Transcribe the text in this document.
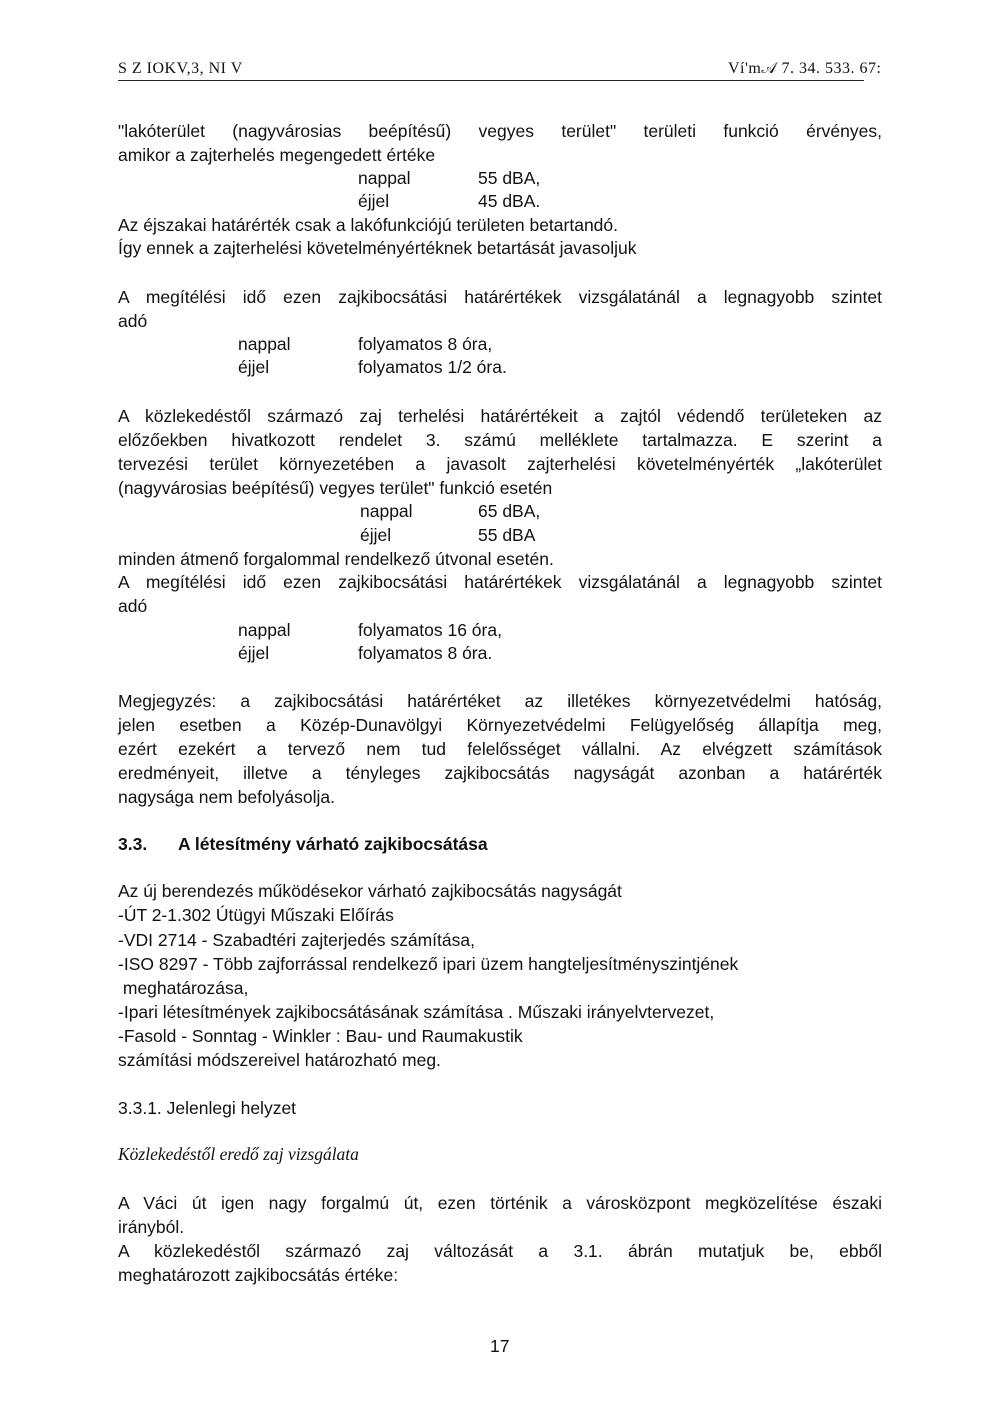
S Z IOKV,3, NI V	Ví'm𝒜 7. 34. 533. 67:
"lakóterület (nagyvárosias beépítésű) vegyes terület" területi funkció érvényes,
amikor a zajterhelés megengedett értéke
nappal	55 dBA,
éjjel	45 dBA.
Az éjszakai határérték csak a lakófunkciójú területen betartandó.
Így ennek a zajterhelési követelményértéknek betartását javasoljuk
A megítélési idő ezen zajkibocsátási határértékek vizsgálatánál a legnagyobb szintet
adó
nappal	folyamatos 8 óra,
éjjel	folyamatos 1/2 óra.
A közlekedéstől származó zaj terhelési határértékeit a zajtól védendő területeken az
előzőekben hivatkozott rendelet 3. számú melléklete tartalmazza. E szerint a
tervezési terület környezetében a javasolt zajterhelési követelményérték „lakóterület
(nagyvárosias beépítésű) vegyes terület" funkció esetén
nappal	65 dBA,
éjjel	55 dBA
minden átmenő forgalommal rendelkező útvonal esetén.
A megítélési idő ezen zajkibocsátási határértékek vizsgálatánál a legnagyobb szintet
adó
nappal	folyamatos 16 óra,
éjjel	folyamatos 8 óra.
Megjegyzés: a zajkibocsátási határértéket az illetékes környezetvédelmi hatóság,
jelen esetben a Közép-Dunavölgyi Környezetvédelmi Felügyelőség állapítja meg,
ezért ezekért a tervező nem tud felelősséget vállalni. Az elvégzett számítások
eredményeit, illetve a tényleges zajkibocsátás nagyságát azonban a határérték
nagysága nem befolyásolja.
3.3. A létesítmény várható zajkibocsátása
Az új berendezés működésekor várható zajkibocsátás nagyságát
-ÚT 2-1.302 Útügyi Műszaki Előírás
-VDI 2714 - Szabadtéri zajterjedés számítása,
-ISO 8297 - Több zajforrással rendelkező ipari üzem hangteljesítményszintjének
meghatározása,
-Ipari létesítmények zajkibocsátásának számítása . Műszaki irányelvtervezet,
-Fasold - Sonntag - Winkler : Bau- und Raumakustik
számítási módszereivel határozható meg.
3.3.1. Jelenlegi helyzet
Közlekedéstől eredő zaj vizsgálata
A Váci út igen nagy forgalmú út, ezen történik a városközpont megközelítése északi
irányból.
A közlekedéstől származó zaj változását a 3.1. ábrán mutatjuk be, ebből
meghatározott zajkibocsátás értéke:
17
